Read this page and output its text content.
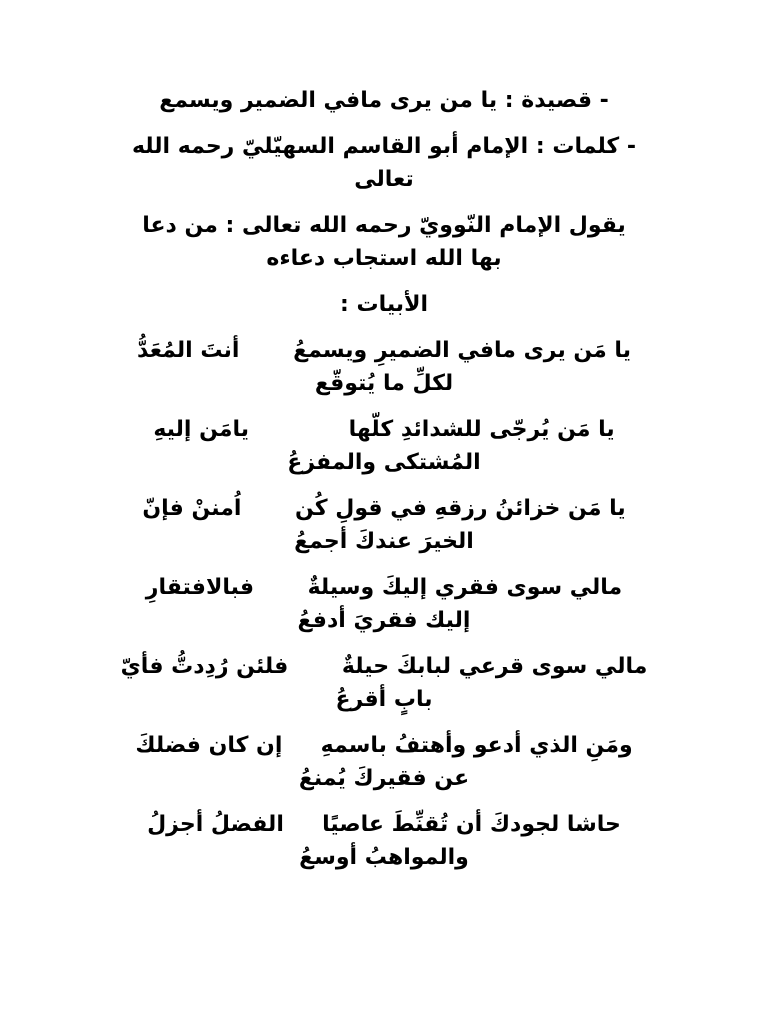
- قصيدة : يا من يرى مافي الضمير ويسمع

- كلمات : الإمام أبو القاسم السهيّليّ رحمه الله
تعالى

يقول الإمام النّوويّ رحمه الله تعالى : من دعا
بها الله استجاب دعاءه

الأبيات :

يا مَن يرى مافي الضميرِ ويسمعُ       أنتَ المُعَدُّ
لكلِّ ما يُتوقّع

يا مَن يُرجّى للشدائدِ كلّها             يامَن إليهِ
المُشتكى والمفزعُ

يا مَن خزائنُ رزقهِ في قولِ كُن       اُمننْ فإنّ
الخيرَ عندكَ أجمعُ

مالي سوى فقري إليكَ وسيلةٌ       فبالافتقارِ
إليك فقريَ أدفعُ

مالي سوى قرعي لبابكَ حيلةٌ       فلئن رُدِدتُّ فأيّ
بابٍ أقرعُ

ومَنِ الذي أدعو وأهتفُ باسمهِ     إن كان فضلكَ
عن فقيركَ يُمنعُ

حاشا لجودكَ أن تُقنِّطَ عاصيًا     الفضلُ أجزلُ
والمواهبُ أوسعُ
